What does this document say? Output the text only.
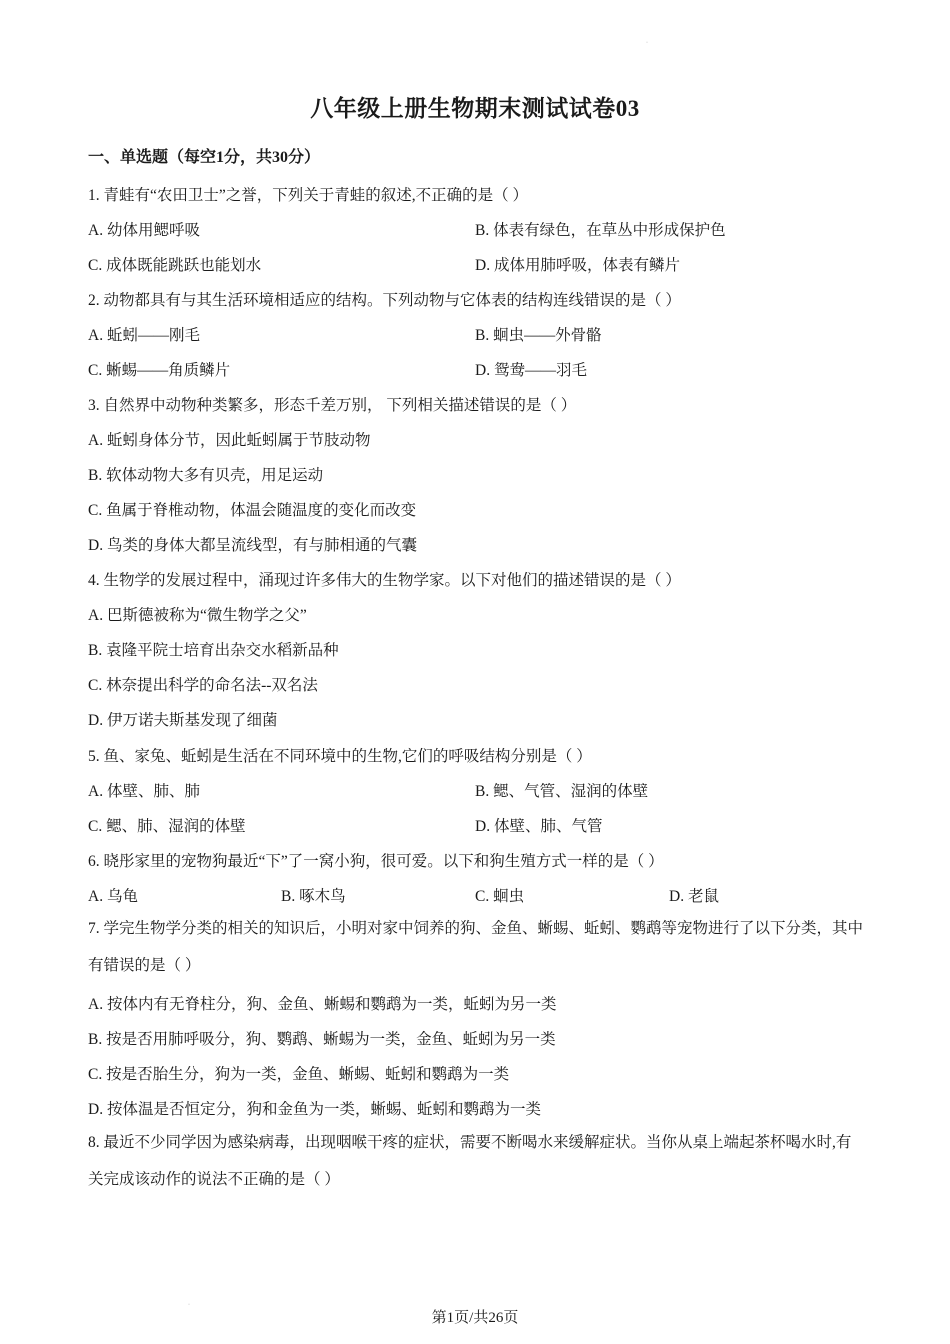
·
八年级上册生物期末测试试卷03
一、单选题（每空1分，共30分）
1. 青蛙有“农田卫士”之誉，下列关于青蛙的叙述,不正确的是（ ）
A. 幼体用鳃呼吸	B. 体表有绿色，在草丛中形成保护色
C. 成体既能跳跃也能划水	D. 成体用肺呼吸，体表有鳞片
2. 动物都具有与其生活环境相适应的结构。下列动物与它体表的结构连线错误的是（ ）
A. 蚯蚓——刚毛	B. 蛔虫——外骨骼
C. 蜥蜴——角质鳞片	D. 鸳鸯——羽毛
3. 自然界中动物种类繁多，形态千差万别， 下列相关描述错误的是（ ）
A. 蚯蚓身体分节，因此蚯蚓属于节肢动物
B. 软体动物大多有贝壳，用足运动
C. 鱼属于脊椎动物，体温会随温度的变化而改变
D. 鸟类的身体大都呈流线型，有与肺相通的气囊
4. 生物学的发展过程中，涌现过许多伟大的生物学家。以下对他们的描述错误的是（ ）
A. 巴斯德被称为“微生物学之父”
B. 袁隆平院士培育出杂交水稻新品种
C. 林奈提出科学的命名法--双名法
D. 伊万诺夫斯基发现了细菌
5. 鱼、家兔、蚯蚓是生活在不同环境中的生物,它们的呼吸结构分别是（ ）
A. 体壁、肺、肺	B. 鳃、气管、湿润的体壁
C. 鳃、肺、湿润的体壁	D. 体壁、肺、气管
6. 晓彤家里的宠物狗最近“下”了一窝小狗，很可爱。以下和狗生殖方式一样的是（ ）
A. 乌龟	B. 啄木鸟	C. 蛔虫	D. 老鼠
7. 学完生物学分类的相关的知识后，小明对家中饲养的狗、金鱼、蜥蜴、蚯蚓、鹦鹉等宠物进行了以下分类，其中有错误的是（ ）
A. 按体内有无脊柱分，狗、金鱼、蜥蜴和鹦鹉为一类，蚯蚓为另一类
B. 按是否用肺呼吸分，狗、鹦鹉、蜥蜴为一类，金鱼、蚯蚓为另一类
C. 按是否胎生分，狗为一类，金鱼、蜥蜴、蚯蚓和鹦鹉为一类
D. 按体温是否恒定分，狗和金鱼为一类，蜥蜴、蚯蚓和鹦鹉为一类
8. 最近不少同学因为感染病毒，出现咽喉干疼的症状，需要不断喝水来缓解症状。当你从桌上端起茶杯喝水时,有关完成该动作的说法不正确的是（ ）
·
第1页/共26页
